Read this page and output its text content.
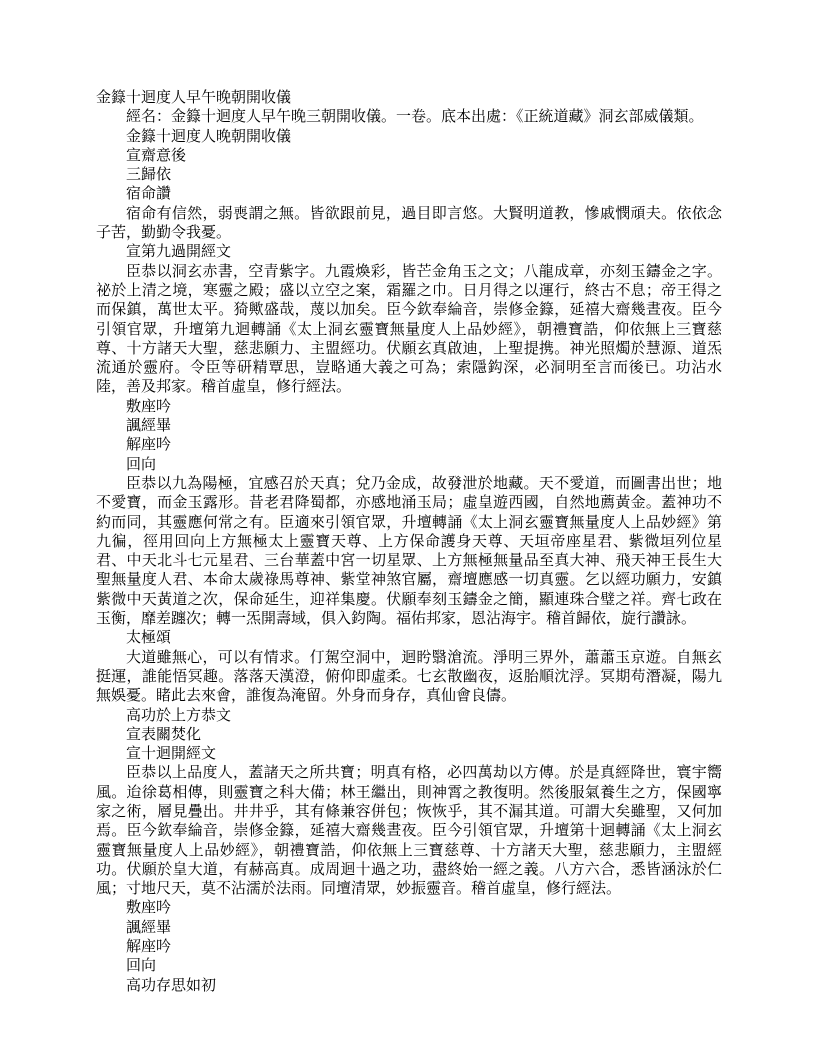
金籙十迴度人早午晚朝開收儀

經名：金籙十迴度人早午晚三朝開收儀。一卷。底本出處：《正統道藏》洞玄部威儀類。

金籙十迴度人晚朝開收儀

宣齋意後

三歸依

宿命讚

宿命有信然，弱喪謂之無。皆欲跟前見，過目即言悠。大賢明道教，慘戚憫頑夫。依依念子苦，勤勤令我憂。

宣第九過開經文

臣恭以洞玄赤書，空青紫字。九霞煥彩，皆芒金角玉之文；八龍成章，亦刻玉鑄金之字。祕於上清之境，寒靈之殿；盛以立空之案，霜羅之巾。日月得之以運行，終古不息；帝王得之而保鎮，萬世太平。猗歟盛哉，蔑以加矣。臣今欽奉綸音，崇修金籙，延禧大齋幾晝夜。臣今引領官眾，升壇第九迴轉誦《太上洞玄靈寶無量度人上品妙經》，朝禮寶誥，仰依無上三寶慈尊、十方諸天大聖，慈悲願力、主盟經功。伏願玄真啟迪，上聖提携。神光照燭於慧源、道炁流通於靈府。令臣等研精覃思，豈略通大義之可為；索隱鈎深，必洞明至言而後已。功沾水陸，善及邦家。稽首虛皇，修行經法。

敷座吟

諷經畢

解座吟

回向

臣恭以九為陽極，宜感召於天真；兌乃金成，故發泄於地藏。天不愛道，而圖書出世；地不愛寶，而金玉露形。昔老君降蜀都，亦感地涌玉局；虛皇遊西國，自然地薦黃金。蓋神功不約而同，其靈應何常之有。臣適來引領官眾，升壇轉誦《太上洞玄靈寶無量度人上品妙經》第九徧，徑用回向上方無極太上靈寶天尊、上方保命護身天尊、天垣帝座星君、紫微垣列位星君、中天北斗七元星君、三台華蓋中宮一切星眾、上方無極無量品至真大神、飛天神王長生大聖無量度人君、本命太歲祿馬尊神、紫堂神煞官屬，齋壇應感一切真靈。乞以經功願力，安鎮紫微中天黃道之次，保命延生，迎祥集慶。伏願奉刻玉鑄金之簡，顯連珠合璧之祥。齊七政在玉衡，靡差躔次；轉一炁開壽域，俱入鈞陶。福佑邦家，恩沾海宇。稽首歸依，旋行讚詠。

太極頌

大道雖無心，可以有情求。仃駕空洞中，迴盻翳滄流。淨明三界外，蕭蕭玉京遊。自無玄挺運，誰能悟冥趣。落落天漢澄，俯仰即虛柔。七玄散幽夜，返胎順沈浮。冥期苟潛凝，陽九無娛憂。睹此去來會，誰復為淹留。外身而身存，真仙會良儔。

高功於上方恭文

宣表關焚化

宣十迴開經文

臣恭以上品度人，蓋諸天之所共寶；明真有格，必四萬劫以方傳。於是真經降世，寰宇嚮風。迨徐葛相傳，則靈寶之科大備；林王繼出，則神霄之教復明。然後服氣養生之方，保國寧家之術，層見疊出。井井乎，其有條兼容併包；恢恢乎，其不漏其道。可謂大矣雖聖，又何加焉。臣今欽奉綸音，崇修金籙，延禧大齋幾晝夜。臣今引領官眾，升壇第十迴轉誦《太上洞玄靈寶無量度人上品妙經》，朝禮寶誥，仰依無上三寶慈尊、十方諸天大聖，慈悲願力，主盟經功。伏願於皇大道，有赫高真。成周迴十過之功，盡終始一經之義。八方六合，悉皆涵泳於仁風；寸地尺天，莫不沾濡於法雨。同壇清眾，妙振靈音。稽首虛皇，修行經法。

敷座吟

諷經畢

解座吟

回向

高功存思如初
